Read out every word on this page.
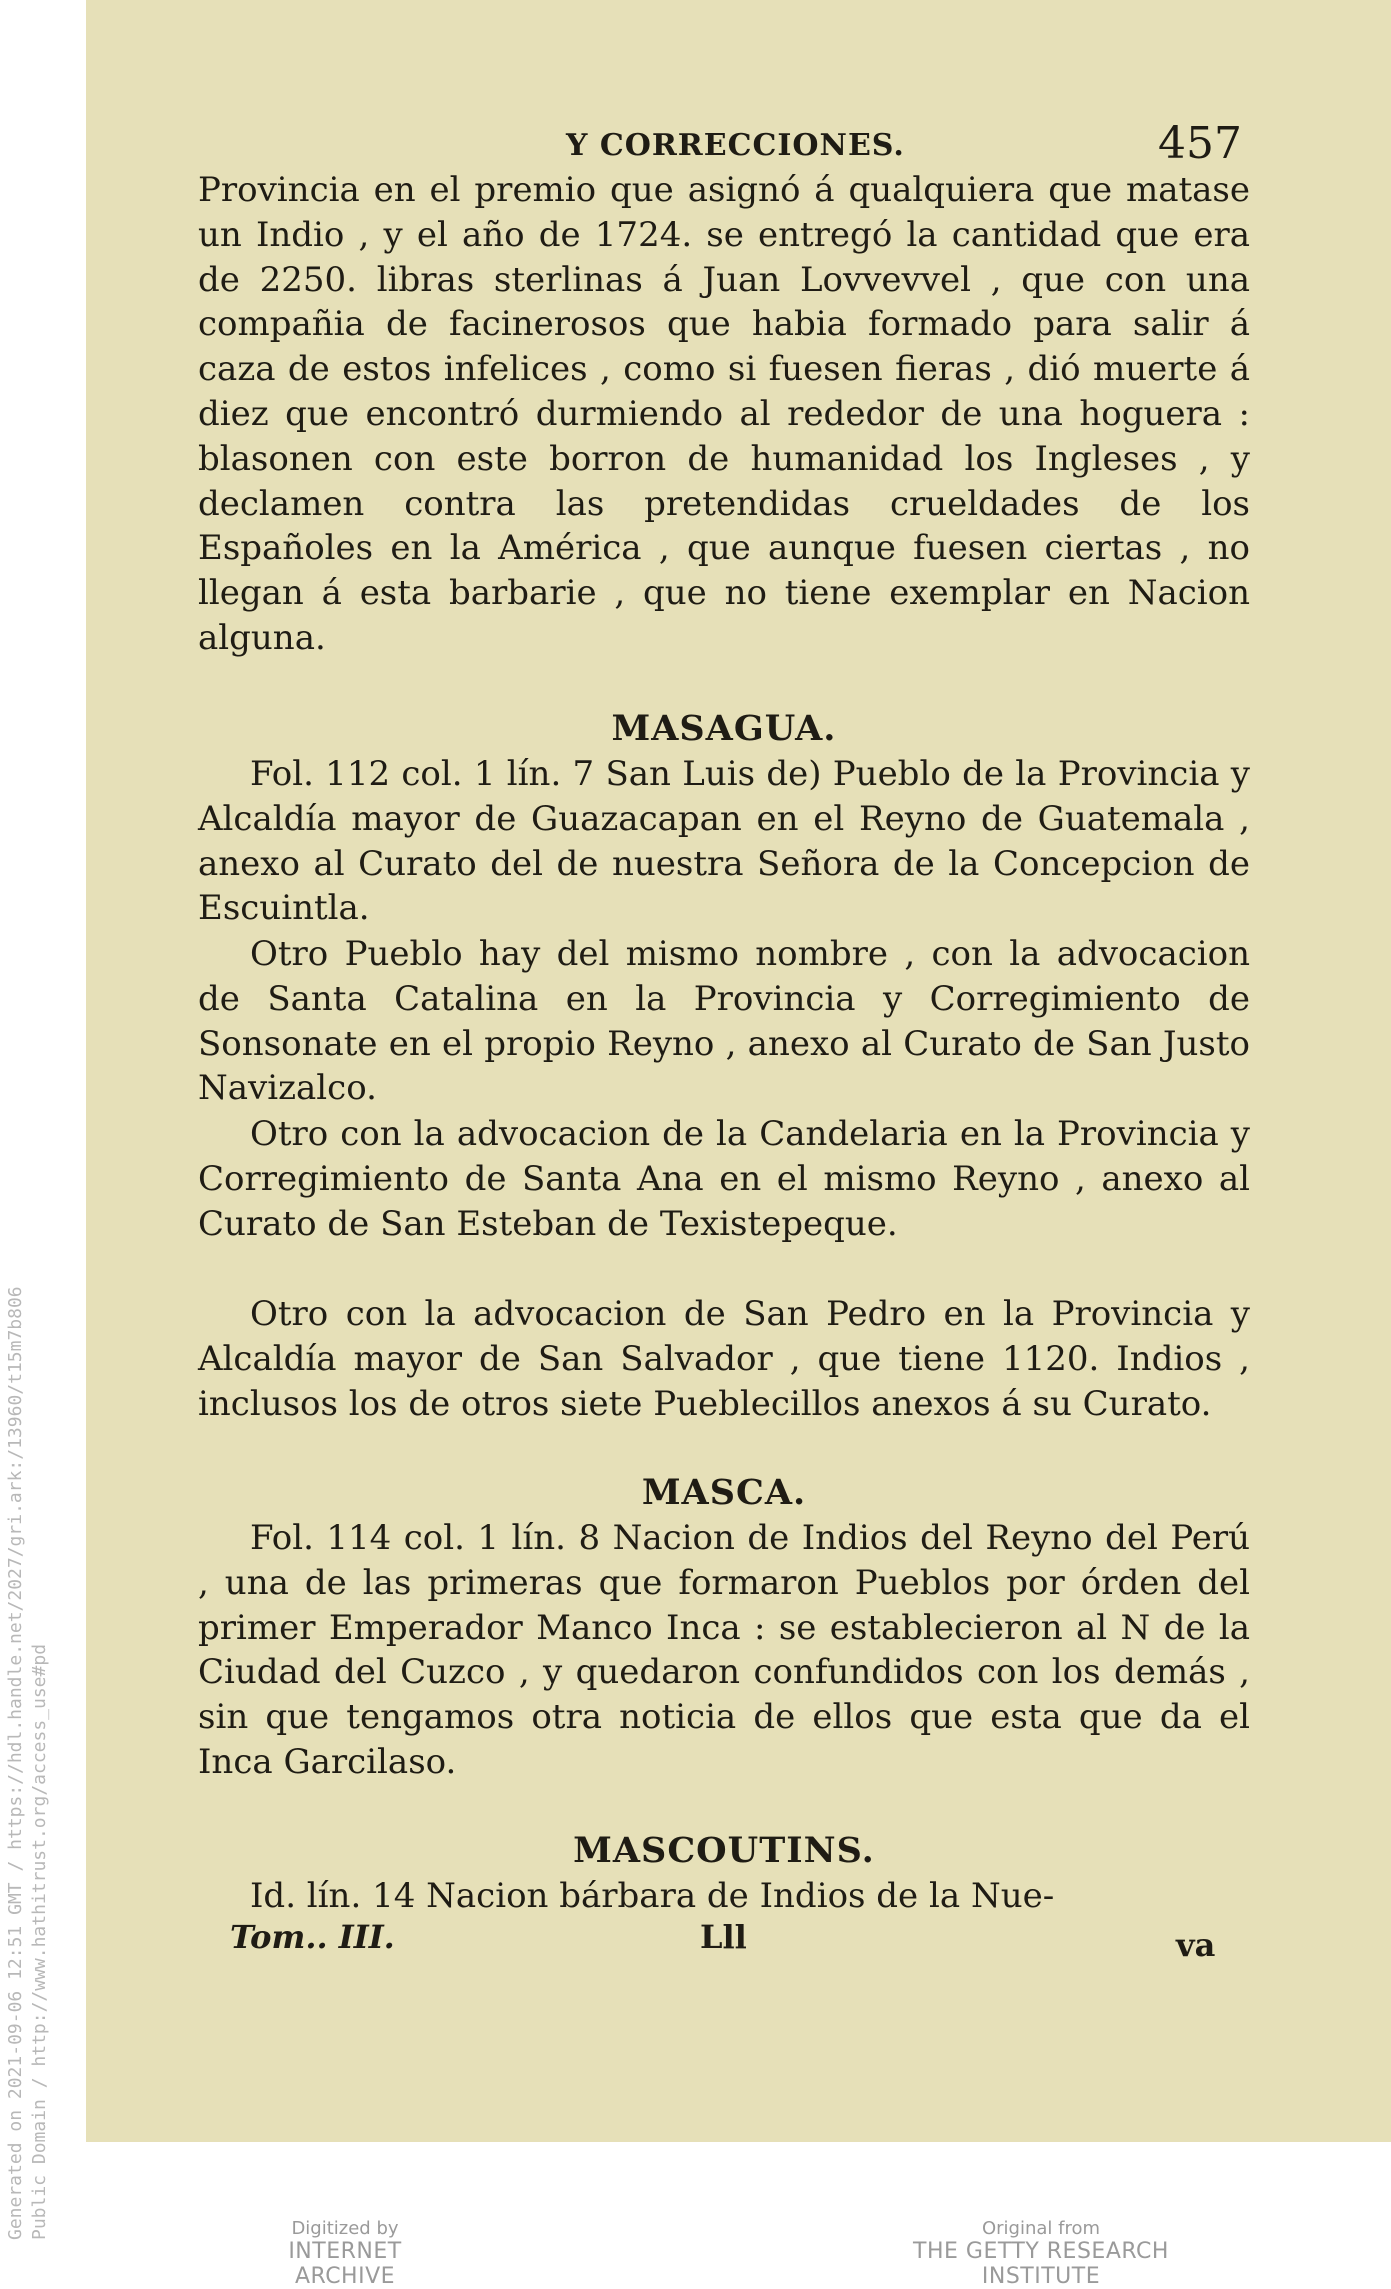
Generated on 2021-09-06 12:51 GMT / https://hdl.handle.net/2027/gri.ark:/13960/t15m7b806 Public Domain / http://www.hathitrust.org/access_use#pd
Y CORRECCIONES.	457
Provincia en el premio que asignó á qualquiera que matase un Indio , y el año de 1724. se entregó la cantidad que era de 2250. libras sterlinas á Juan Lovvevvel , que con una compañia de facinerosos que habia formado para salir á caza de estos infelices , como si fuesen fieras , dió muerte á diez que encontró durmiendo al rededor de una hoguera : blasonen con este borron de humanidad los Ingleses , y declamen contra las pretendidas crueldades de los Españoles en la América , que aunque fuesen ciertas , no llegan á esta barbarie , que no tiene exemplar en Nacion alguna.
MASAGUA.
Fol. 112 col. 1 lín. 7 San Luis de) Pueblo de la Provincia y Alcaldía mayor de Guazacapan en el Reyno de Guatemala , anexo al Curato del de nuestra Señora de la Concepcion de Escuintla.
Otro Pueblo hay del mismo nombre , con la advocacion de Santa Catalina en la Provincia y Corregimiento de Sonsonate en el propio Reyno , anexo al Curato de San Justo Navizalco.
Otro con la advocacion de la Candelaria en la Provincia y Corregimiento de Santa Ana en el mismo Reyno , anexo al Curato de San Esteban de Texistepeque.
Otro con la advocacion de San Pedro en la Provincia y Alcaldía mayor de San Salvador , que tiene 1120. Indios , inclusos los de otros siete Pueblecillos anexos á su Curato.
MASCA.
Fol. 114 col. 1 lín. 8 Nacion de Indios del Reyno del Perú , una de las primeras que formaron Pueblos por órden del primer Emperador Manco Inca : se establecieron al N de la Ciudad del Cuzco , y quedaron confundidos con los demás , sin que tengamos otra noticia de ellos que esta que da el Inca Garcilaso.
MASCOUTINS.
Id. lín. 14 Nacion bárbara de Indios de la Nue-
Tom.. III.	Lll	va
Digitized by
INTERNET ARCHIVE
Original from
THE GETTY RESEARCH INSTITUTE
